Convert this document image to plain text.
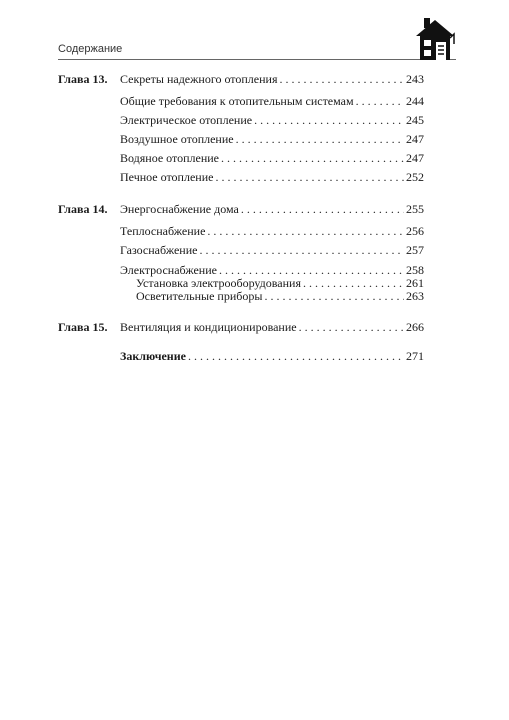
Содержание
Глава 13. Секреты надежного отопления . . .	243
Общие требования к отопительным системам . . .	244
Электрическое отопление . . .	245
Воздушное отопление . . .	247
Водяное отопление . . .	247
Печное отопление . . .	252
Глава 14. Энергоснабжение дома . . .	255
Теплоснабжение . . .	256
Газоснабжение . . .	257
Электроснабжение . . .	258
Установка электрооборудования . . .	261
Осветительные приборы . . .	263
Глава 15. Вентиляция и кондиционирование . . .	266
Заключение . . .	271
